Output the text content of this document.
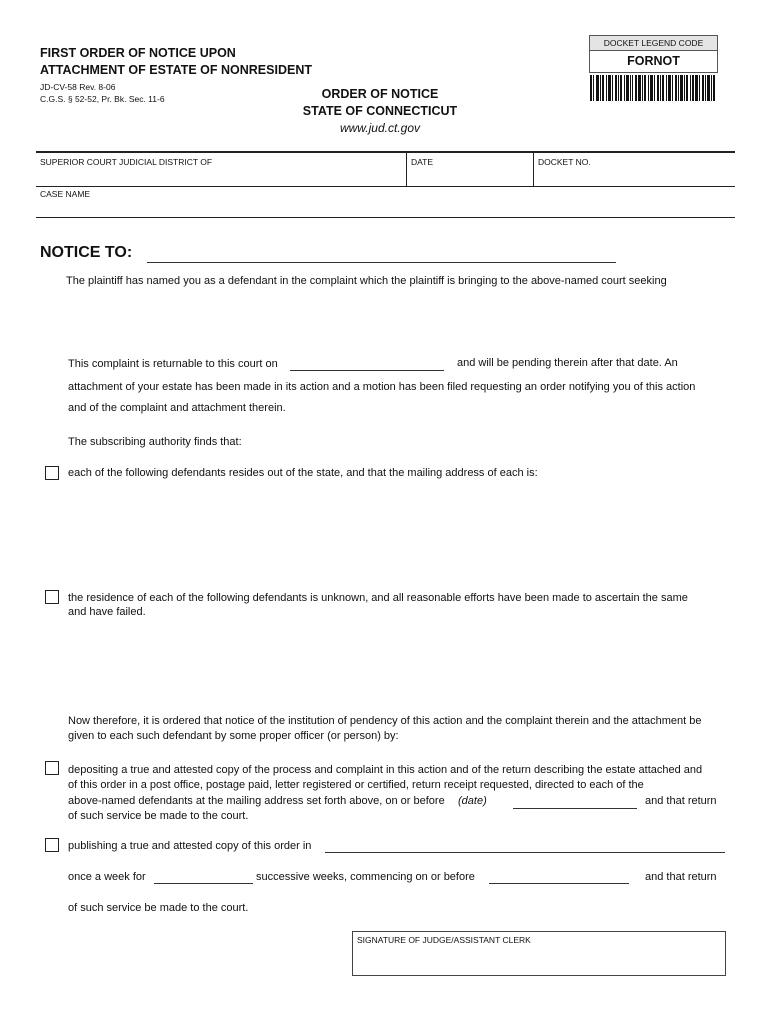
FIRST ORDER OF NOTICE UPON
ATTACHMENT OF ESTATE OF NONRESIDENT
JD-CV-58 Rev. 8-06
C.G.S. § 52-52, Pr. Bk. Sec. 11-6	ORDER OF NOTICE
STATE OF CONNECTICUT
www.jud.ct.gov
DOCKET LEGEND CODE
FORNOT
SUPERIOR COURT JUDICIAL DISTRICT OF	DATE	DOCKET NO.
CASE NAME
NOTICE TO:
The plaintiff has named you as a defendant in the complaint which the plaintiff is bringing to the above-named court seeking
This complaint is returnable to this court on	and will be pending therein after that date. An
attachment of your estate has been made in its action and a motion has been filed requesting an order notifying you of this action
and of the complaint and attachment therein.
The subscribing authority finds that:
each of the following defendants resides out of the state, and that the mailing address of each is:
the residence of each of the following defendants is unknown, and all reasonable efforts have been made to ascertain the same
and have failed.
Now therefore, it is ordered that notice of the institution of pendency of this action and the complaint therein and the attachment be
given to each such defendant by some proper officer (or person) by:
depositing a true and attested copy of the process and complaint in this action and of the return describing the estate attached and
of this order in a post office, postage paid, letter registered or certified, return receipt requested, directed to each of the
above-named defendants at the mailing address set forth above, on or before (date)	and that return
of such service be made to the court.
publishing a true and attested copy of this order in
once a week for	successive weeks, commencing on or before	and that return
of such service be made to the court.
SIGNATURE OF JUDGE/ASSISTANT CLERK
